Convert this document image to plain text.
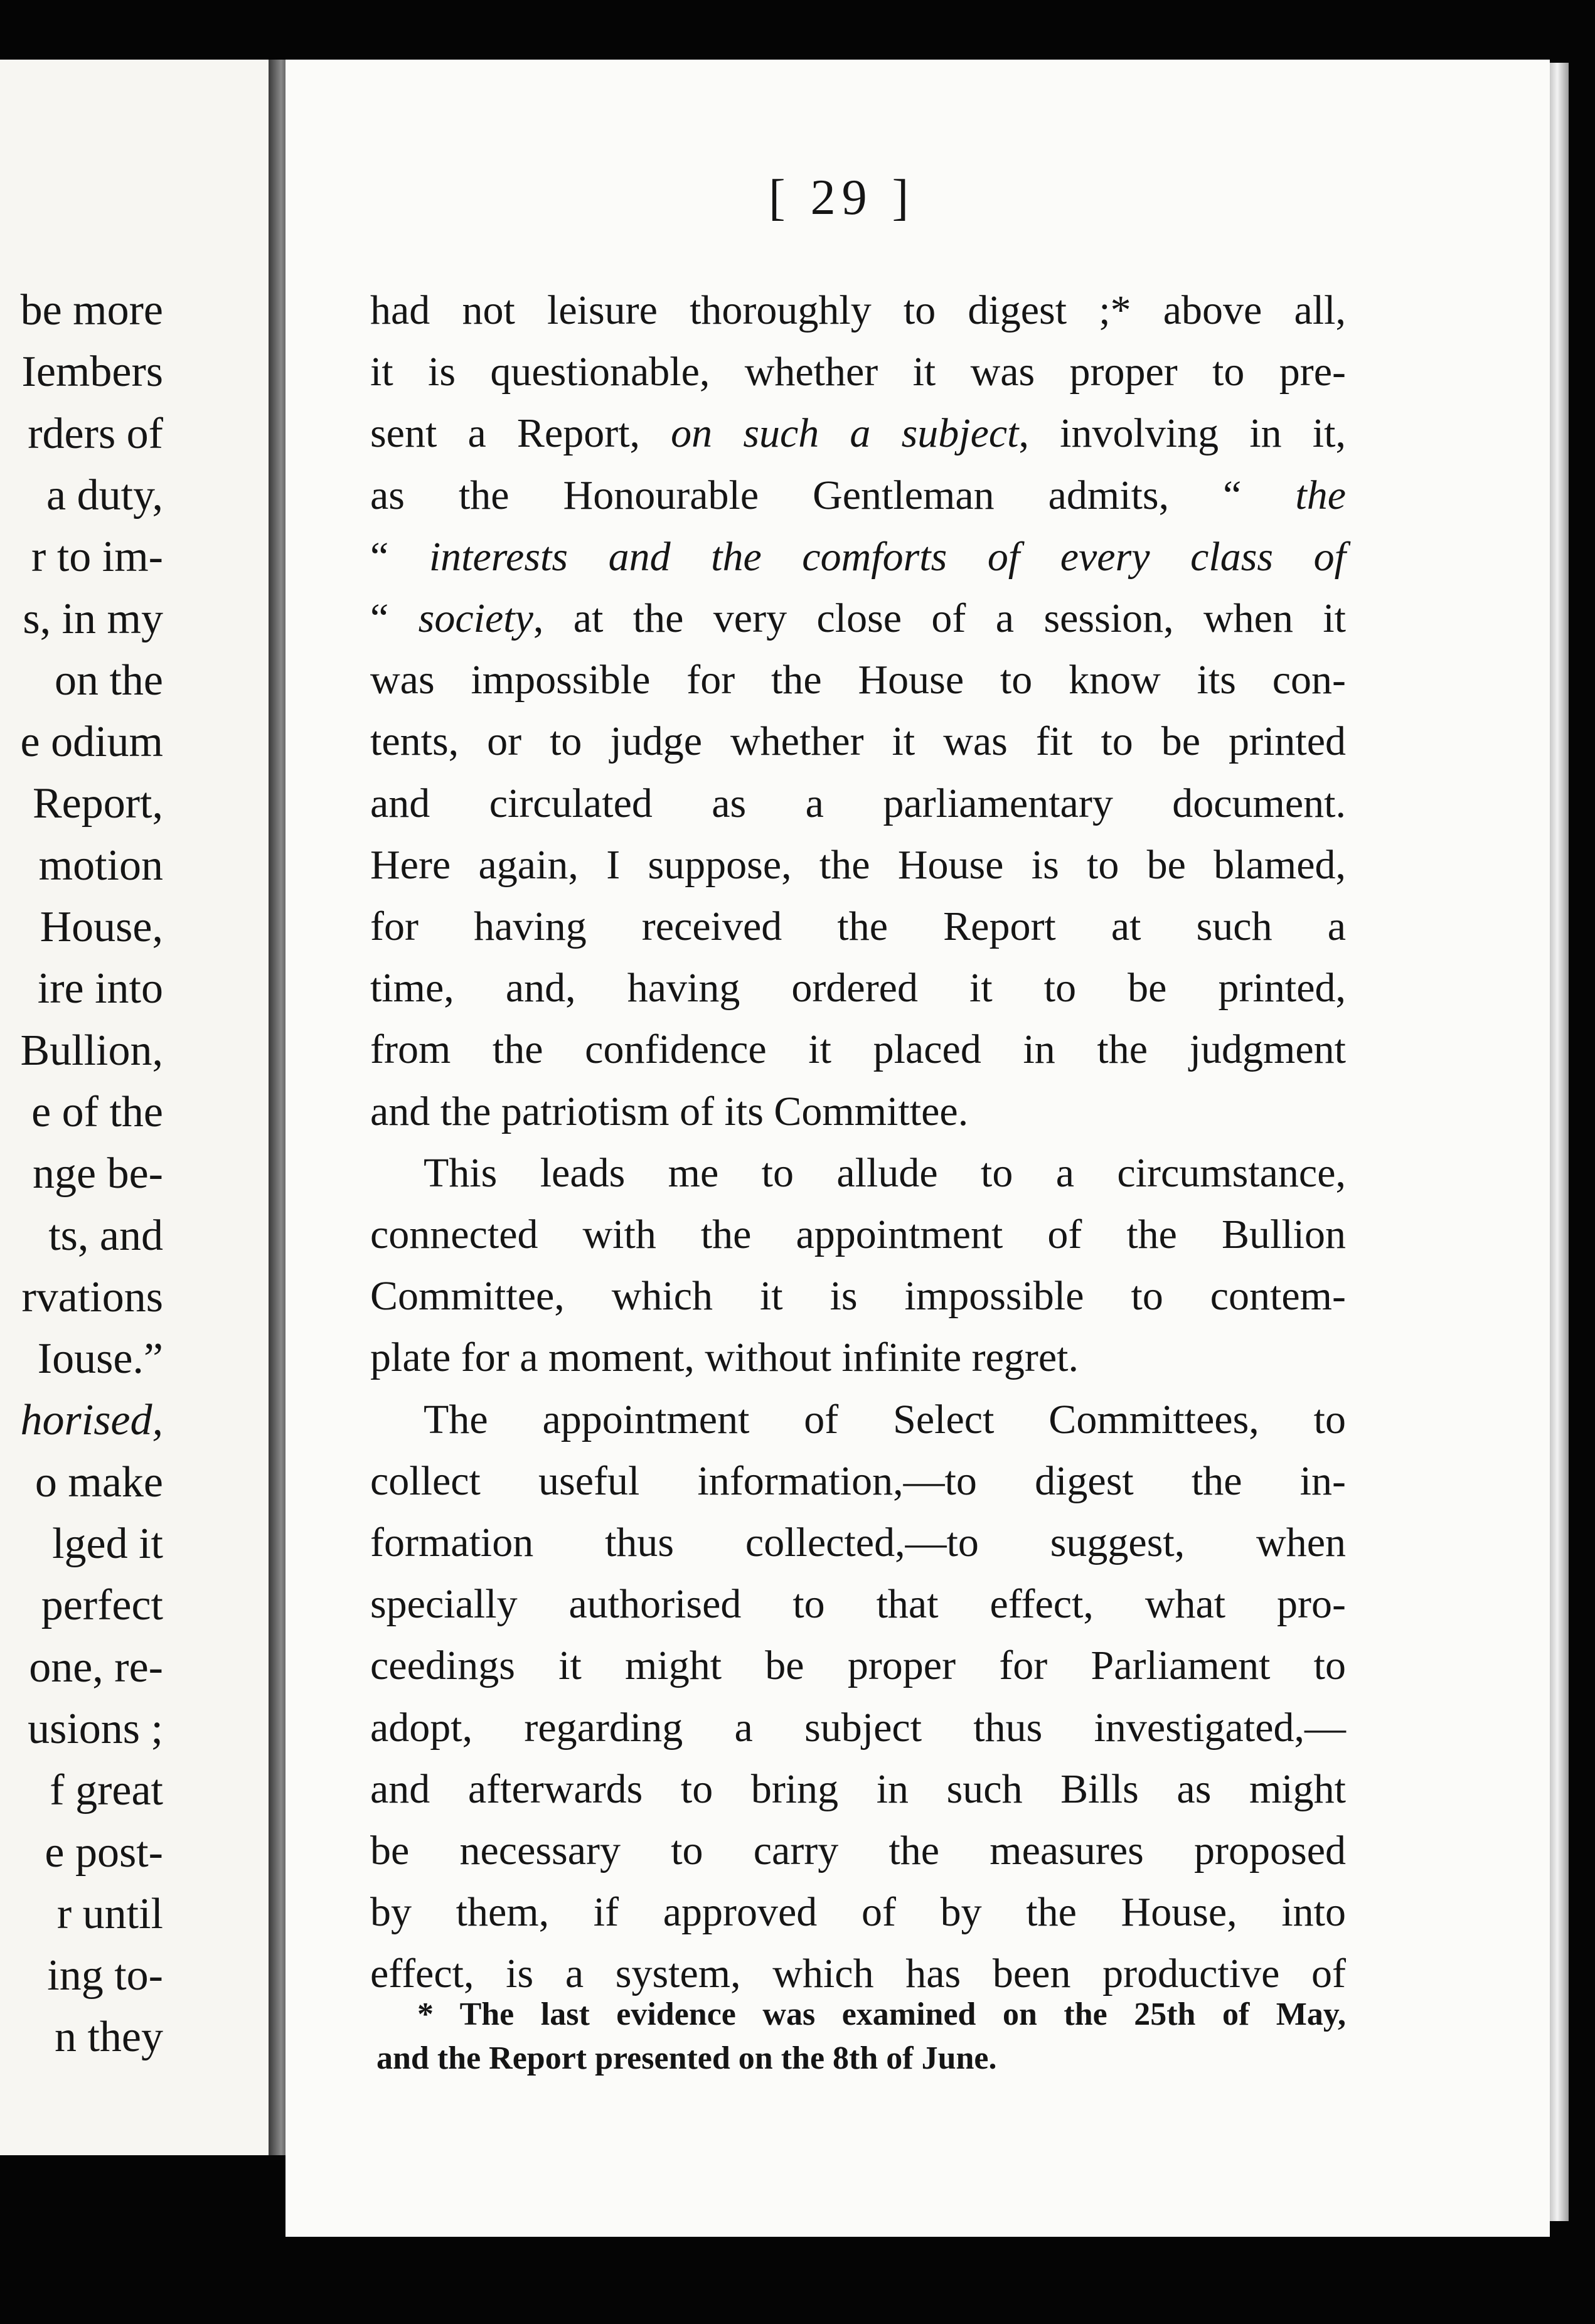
be more
Iembers
rders of
a duty,
r to im-
s, in my
on the
e odium
Report,
motion
House,
ire into
Bullion,
e of the
nge be-
ts, and
rvations
Iouse.”
horised,
o make
lged it
perfect
one, re-
usions ;
f great
e post-
r until
ing to-
n they
[ 29 ]
had not leisure thoroughly to digest ;* above all,
it is questionable, whether it was proper to pre-
sent a Report, on such a subject, involving in it,
as the Honourable Gentleman admits, “ the
“ interests and the comforts of every class of
“ society, at the very close of a session, when it
was impossible for the House to know its con-
tents, or to judge whether it was fit to be printed
and circulated as a parliamentary document.
Here again, I suppose, the House is to be blamed,
for having received the Report at such a
time, and, having ordered it to be printed,
from the confidence it placed in the judgment
and the patriotism of its Committee.
This leads me to allude to a circumstance,
connected with the appointment of the Bullion
Committee, which it is impossible to contem-
plate for a moment, without infinite regret.
The appointment of Select Committees, to
collect useful information,—to digest the in-
formation thus collected,—to suggest, when
specially authorised to that effect, what pro-
ceedings it might be proper for Parliament to
adopt, regarding a subject thus investigated,—
and afterwards to bring in such Bills as might
be necessary to carry the measures proposed
by them, if approved of by the House, into
effect, is a system, which has been productive of
* The last evidence was examined on the 25th of May,
and the Report presented on the 8th of June.
